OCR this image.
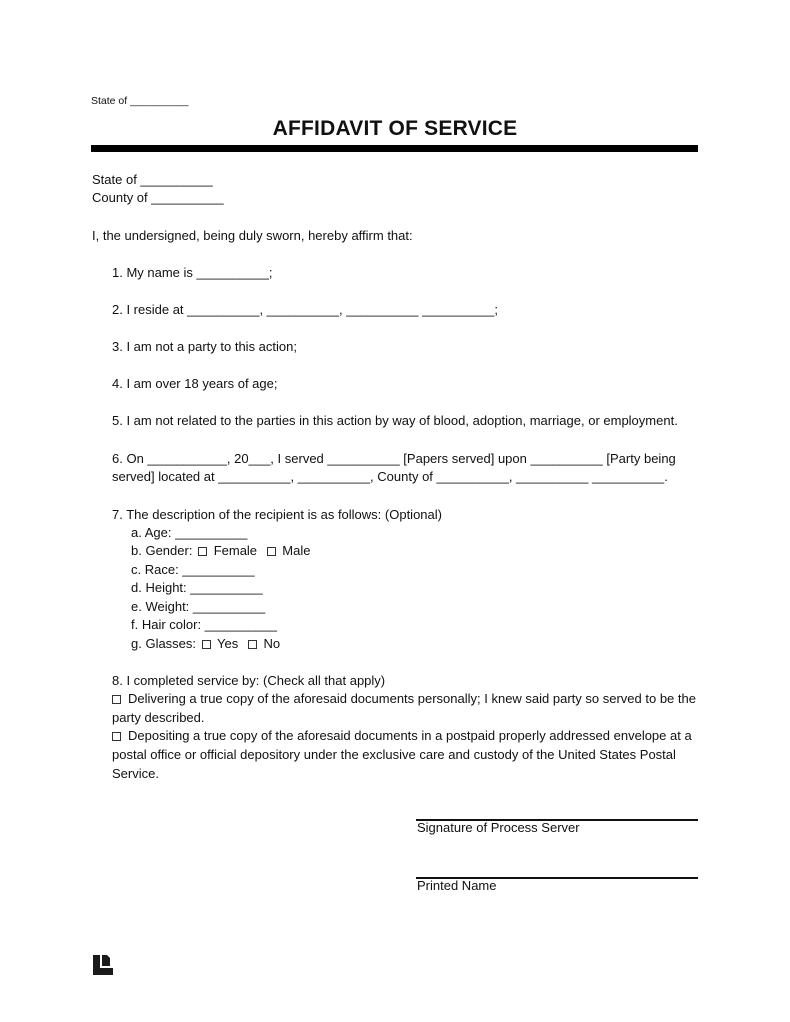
State of __________
AFFIDAVIT OF SERVICE
State of __________
County of __________
I, the undersigned, being duly sworn, hereby affirm that:
1. My name is __________;
2. I reside at __________, __________, __________ __________;
3. I am not a party to this action;
4. I am over 18 years of age;
5. I am not related to the parties in this action by way of blood, adoption, marriage, or employment.
6. On ___________, 20___, I served __________ [Papers served] upon __________ [Party being
served] located at __________, __________, County of __________, __________ __________.
7. The description of the recipient is as follows: (Optional)
a. Age: __________
b. Gender: Female Male
c. Race: __________
d. Height: __________
e. Weight: __________
f. Hair color: __________
g. Glasses: Yes No
8. I completed service by: (Check all that apply)
Delivering a true copy of the aforesaid documents personally; I knew said party so served to be the
party described.
Depositing a true copy of the aforesaid documents in a postpaid properly addressed envelope at a
postal office or official depository under the exclusive care and custody of the United States Postal
Service.
Signature of Process Server
Printed Name
